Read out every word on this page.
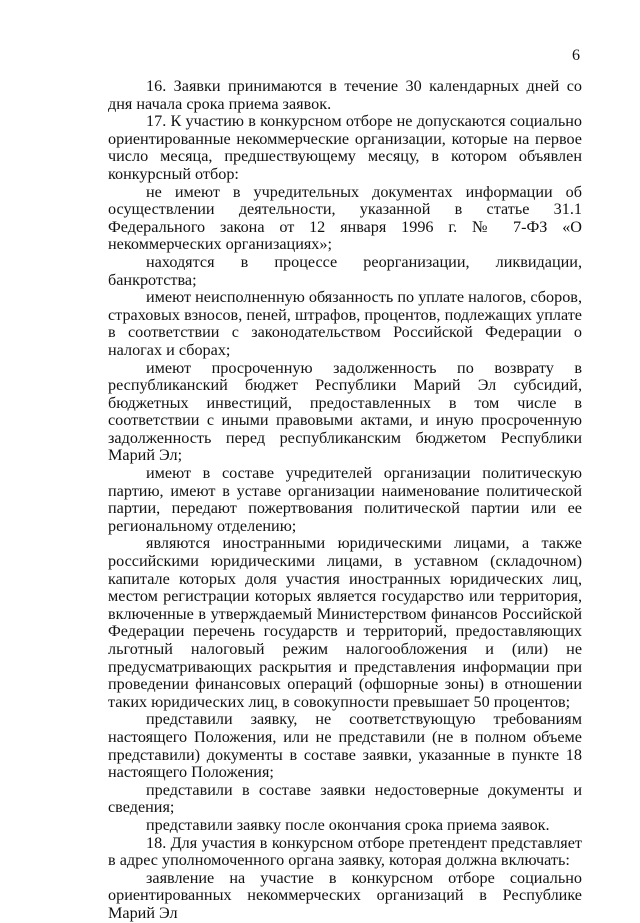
6

16. Заявки принимаются в течение 30 календарных дней со дня начала срока приема заявок.

17. К участию в конкурсном отборе не допускаются социально ориентированные некоммерческие организации, которые на первое число месяца, предшествующему месяцу, в котором объявлен конкурсный отбор:

не имеют в учредительных документах информации об осуществлении деятельности, указанной в статье 31.1 Федерального закона от 12 января 1996 г. № 7-ФЗ «О некоммерческих организациях»;

находятся в процессе реорганизации, ликвидации, банкротства;

имеют неисполненную обязанность по уплате налогов, сборов, страховых взносов, пеней, штрафов, процентов, подлежащих уплате в соответствии с законодательством Российской Федерации о налогах и сборах;

имеют просроченную задолженность по возврату в республиканский бюджет Республики Марий Эл субсидий, бюджетных инвестиций, предоставленных в том числе в соответствии с иными правовыми актами, и иную просроченную задолженность перед республиканским бюджетом Республики Марий Эл;

имеют в составе учредителей организации политическую партию, имеют в уставе организации наименование политической партии, передают пожертвования политической партии или ее региональному отделению;

являются иностранными юридическими лицами, а также российскими юридическими лицами, в уставном (складочном) капитале которых доля участия иностранных юридических лиц, местом регистрации которых является государство или территория, включенные в утверждаемый Министерством финансов Российской Федерации перечень государств и территорий, предоставляющих льготный налоговый режим налогообложения и (или) не предусматривающих раскрытия и представления информации при проведении финансовых операций (офшорные зоны) в отношении таких юридических лиц, в совокупности превышает 50 процентов;

представили заявку, не соответствующую требованиям настоящего Положения, или не представили (не в полном объеме представили) документы в составе заявки, указанные в пункте 18 настоящего Положения;

представили в составе заявки недостоверные документы и сведения;

представили заявку после окончания срока приема заявок.

18. Для участия в конкурсном отборе претендент представляет в адрес уполномоченного органа заявку, которая должна включать:

заявление на участие в конкурсном отборе социально ориентированных некоммерческих организаций в Республике Марий Эл
